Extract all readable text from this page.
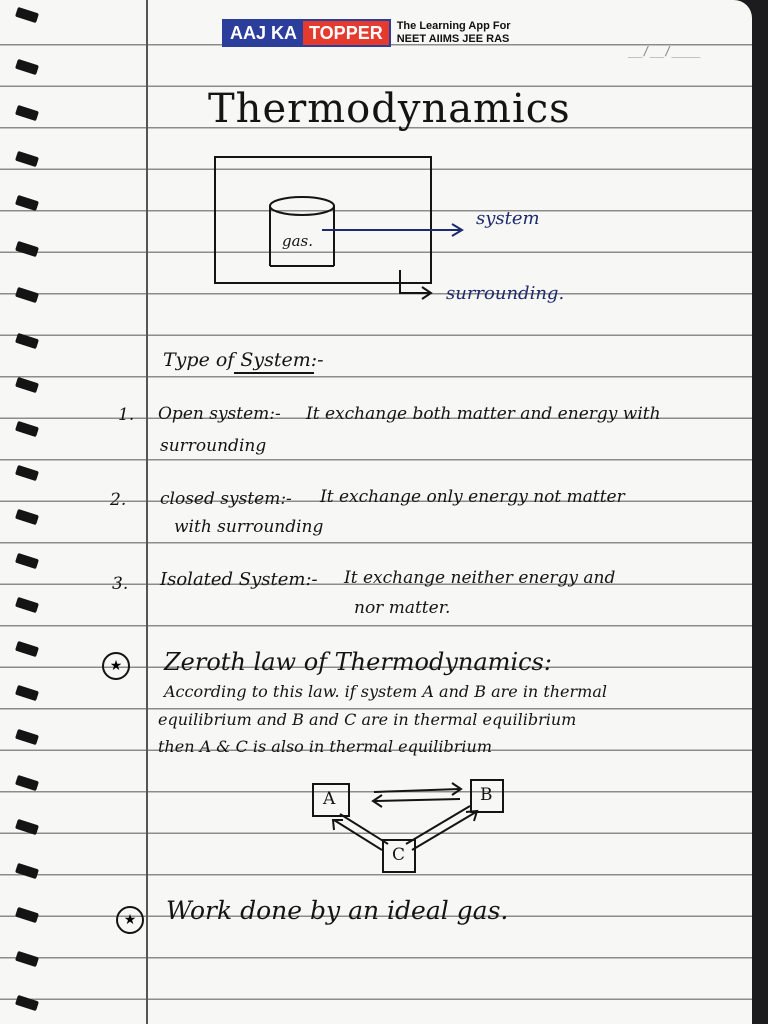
AAJ KA TOPPER	The Learning App For
NEET AIIMS JEE RAS
__/__/____
Thermodynamics
gas.
system
surrounding.
Type of System:-
1. Open system:- It exchange both matter and energy with
surrounding
2. closed system:- It exchange only energy not matter
with surrounding
3. Isolated System:- It exchange neither energy and
nor matter.
★	Zeroth law of Thermodynamics:
According to this law. if system A and B are in thermal
equilibrium and B and C are in thermal equilibrium
then A & C is also in thermal equilibrium
A	B
C
★	Work done by an ideal gas.
